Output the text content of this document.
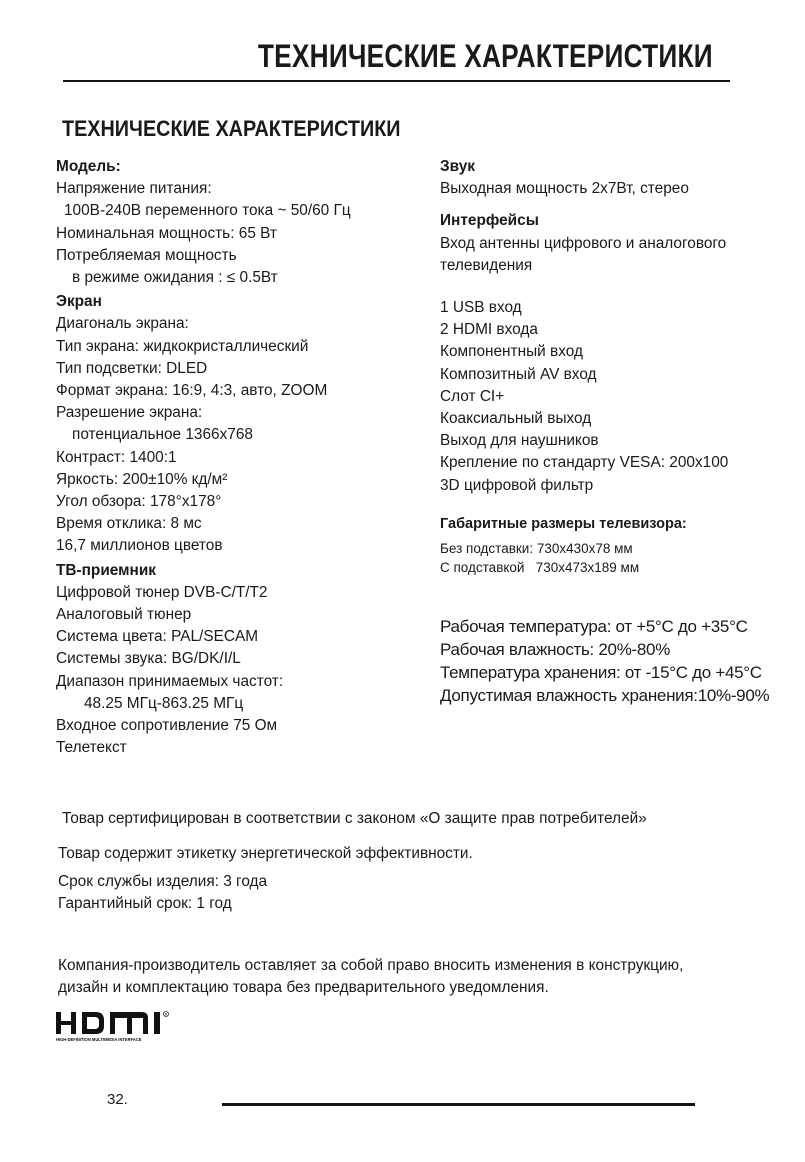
ТЕХНИЧЕСКИЕ ХАРАКТЕРИСТИКИ
ТЕХНИЧЕСКИЕ ХАРАКТЕРИСТИКИ
Модель:

Напряжение питания:

100В-240В переменного тока ~ 50/60 Гц

Номинальная мощность: 65 Вт

Потребляемая мощность

в режиме ожидания : ≤ 0.5Вт

Экран

Диагональ экрана:

Тип экрана: жидкокристаллический

Тип подсветки: DLED

Формат экрана: 16:9, 4:3, авто, ZOOM

Разрешение экрана:

потенциальное 1366x768

Контраст: 1400:1

Яркость: 200±10% кд/м²

Угол обзора: 178°x178°

Время отклика: 8 мс

16,7 миллионов цветов

ТВ-приемник

Цифровой тюнер DVB-C/T/T2

Аналоговый тюнер

Система цвета: PAL/SECAM

Системы звука: BG/DK/I/L

Диапазон принимаемых частот:

48.25 МГц-863.25 МГц

Входное сопротивление 75 Ом

Телетекст

Звук

Выходная мощность 2x7Вт, стерео

Интерфейсы

Вход антенны цифрового и аналогового

телевидения

1 USB вход

2 HDMI входа

Компонентный вход

Композитный AV вход

Слот CI+

Коаксиальный выход

Выход для наушников

Крепление по стандарту VESA: 200x100

3D цифровой фильтр

Габаритные размеры телевизора:

Без подставки: 730x430x78 мм

С подставкой   730x473x189 мм

Рабочая температура: от +5°C до +35°C

Рабочая влажность: 20%-80%

Температура хранения: от -15°C до +45°C

Допустимая влажность хранения:10%-90%

Товар сертифицирован в соответствии с законом «О защите прав потребителей»

Товар содержит этикетку энергетической эффективности.

Срок службы изделия: 3 года

Гарантийный срок: 1 год

Компания-производитель оставляет за собой право вносить изменения в конструкцию,

дизайн и комплектацию товара без предварительного уведомления.

R
HIGH-DEFINITION MULTIMEDIA INTERFACE

32.
